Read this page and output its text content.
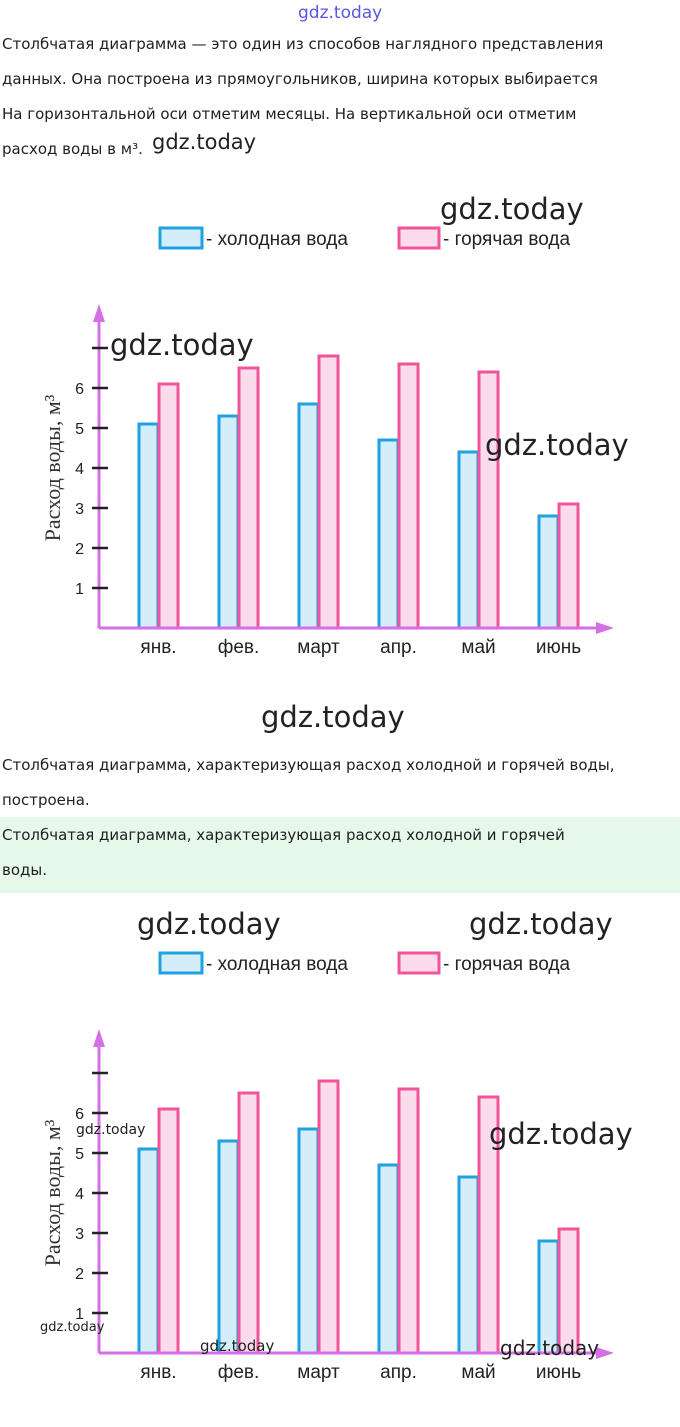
gdz.today

Столбчатая диаграмма — это один из способов наглядного представления

данных. Она построена из прямоугольников, ширина которых выбирается

На горизонтальной оси отметим месяцы. На вертикальной оси отметим

расход воды в м³. gdz.today
- холодная вода	- горячая вода
1
2
3
4
5
6
янв. фев. март апр. май июнь
Расход воды, м³
gdz.today
gdz.today
gdz.today
gdz.today

Столбчатая диаграмма, характеризующая расход холодной и горячей воды,

построена.

Столбчатая диаграмма, характеризующая расход холодной и горячей

воды.

- холодная вода	- горячая вода
1
2
3
4
5
6
янв. фев. март апр. май июнь
Расход воды, м³
gdz.today	gdz.today
gdz.today	gdz.today
gdz.today
gdz.today	gdz.today
